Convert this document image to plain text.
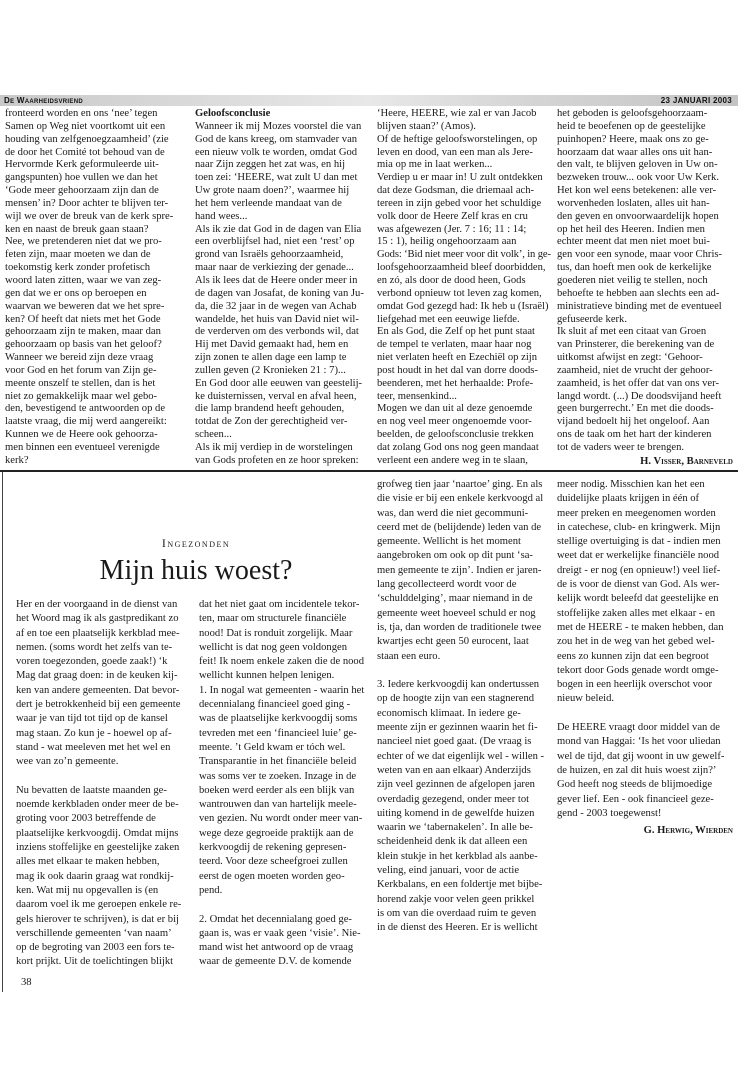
De Waarheidsvriend	23 JANUARI 2003
fronteerd worden en ons ‘nee’ tegen
Samen op Weg niet voortkomt uit een
houding van zelfgenoegzaamheid’ (zie
de door het Comité tot behoud van de
Hervormde Kerk geformuleerde uit-
gangspunten) hoe vullen we dan het
‘Gode meer gehoorzaam zijn dan de
mensen’ in? Door achter te blijven ter-
wijl we over de breuk van de kerk spre-
ken en naast de breuk gaan staan?
Nee, we pretenderen niet dat we pro-
feten zijn, maar moeten we dan de
toekomstig kerk zonder profetisch
woord laten zitten, waar we van zeg-
gen dat we er ons op beroepen en
waarvan we beweren dat we het spre-
ken? Of heeft dat niets met het Gode
gehoorzaam zijn te maken, maar dan
gehoorzaam op basis van het geloof?
Wanneer we bereid zijn deze vraag
voor God en het forum van Zijn ge-
meente onszelf te stellen, dan is het
niet zo gemakkelijk maar wel gebo-
den, bevestigend te antwoorden op de
laatste vraag, die mij werd aangereikt:
Kunnen we de Heere ook gehoorza-
men binnen een eventueel verenigde
kerk?
Geloofsconclusie
Wanneer ik mij Mozes voorstel die van
God de kans kreeg, om stamvader van
een nieuw volk te worden, omdat God
naar Zijn zeggen het zat was, en hij
toen zei: ‘HEERE, wat zult U dan met
Uw grote naam doen?’, waarmee hij
het hem verleende mandaat van de
hand wees...
Als ik zie dat God in de dagen van Elia
een overblijfsel had, niet een ‘rest’ op
grond van Israëls gehoorzaamheid,
maar naar de verkiezing der genade...
Als ik lees dat de Heere onder meer in
de dagen van Josafat, de koning van Ju-
da, die 32 jaar in de wegen van Achab
wandelde, het huis van David niet wil-
de verderven om des verbonds wil, dat
Hij met David gemaakt had, hem en
zijn zonen te allen dage een lamp te
zullen geven (2 Kronieken 21 : 7)...
En God door alle eeuwen van geestelij-
ke duisternissen, verval en afval heen,
die lamp brandend heeft gehouden,
totdat de Zon der gerechtigheid ver-
scheen...
Als ik mij verdiep in de worstelingen
van Gods profeten en ze hoor spreken:
‘Heere, HEERE, wie zal er van Jacob
blijven staan?’ (Amos).
Of de heftige geloofsworstelingen, op
leven en dood, van een man als Jere-
mia op me in laat werken...
Verdiep u er maar in! U zult ontdekken
dat deze Godsman, die driemaal ach-
tereen in zijn gebed voor het schuldige
volk door de Heere Zelf kras en cru
was afgewezen (Jer. 7 : 16; 11 : 14;
15 : 1), heilig ongehoorzaam aan
Gods: ‘Bid niet meer voor dit volk’, in ge-
loofsgehoorzaamheid bleef doorbidden,
en zó, als door de dood heen, Gods
verbond opnieuw tot leven zag komen,
omdat God gezegd had: Ik heb u (Israël)
liefgehad met een eeuwige liefde.
En als God, die Zelf op het punt staat
de tempel te verlaten, maar haar nog
niet verlaten heeft en Ezechiël op zijn
post houdt in het dal van dorre doods-
beenderen, met het herhaalde: Profe-
teer, mensenkind...
Mogen we dan uit al deze genoemde
en nog veel meer ongenoemde voor-
beelden, de geloofsconclusie trekken
dat zolang God ons nog geen mandaat
verleent een andere weg in te slaan,
het geboden is geloofsgehoorzaam-
heid te beoefenen op de geestelijke
puinhopen? Heere, maak ons zo ge-
hoorzaam dat waar alles ons uit han-
den valt, te blijven geloven in Uw on-
bezweken trouw... ook voor Uw Kerk.
Het kon wel eens betekenen: alle ver-
worvenheden loslaten, alles uit han-
den geven en onvoorwaardelijk hopen
op het heil des Heeren. Indien men
echter meent dat men niet moet bui-
gen voor een synode, maar voor Chris-
tus, dan hoeft men ook de kerkelijke
goederen niet veilig te stellen, noch
behoefte te hebben aan slechts een ad-
ministratieve binding met de eventueel
gefuseerde kerk.
Ik sluit af met een citaat van Groen
van Prinsterer, die berekening van de
uitkomst afwijst en zegt: ‘Gehoor-
zaamheid, niet de vrucht der gehoor-
zaamheid, is het offer dat van ons ver-
langd wordt. (...) De doodsvijand heeft
geen burgerrecht.’ En met die doods-
vijand bedoelt hij het ongeloof. Aan
ons de taak om het hart der kinderen
tot de vaders weer te brengen.
H. Visser, Barneveld
Ingezonden
Mijn huis woest?
Her en der voorgaand in de dienst van
het Woord mag ik als gastpredikant zo
af en toe een plaatselijk kerkblad mee-
nemen. (soms wordt het zelfs van te-
voren toegezonden, goede zaak!) ‘k
Mag dat graag doen: in de keuken kij-
ken van andere gemeenten. Dat bevor-
dert je betrokkenheid bij een gemeente
waar je van tijd tot tijd op de kansel
mag staan. Zo kun je - hoewel op af-
stand - wat meeleven met het wel en
wee van zo’n gemeente.

Nu bevatten de laatste maanden ge-
noemde kerkbladen onder meer de be-
groting voor 2003 betreffende de
plaatselijke kerkvoogdij. Omdat mijns
inziens stoffelijke en geestelijke zaken
alles met elkaar te maken hebben,
mag ik ook daarin graag wat rondkij-
ken. Wat mij nu opgevallen is (en
daarom voel ik me geroepen enkele re-
gels hierover te schrijven), is dat er bij
verschillende gemeenten ‘van naam’
op de begroting van 2003 een fors te-
kort prijkt. Uit de toelichtingen blijkt
dat het niet gaat om incidentele tekor-
ten, maar om structurele financiële
nood! Dat is ronduit zorgelijk. Maar
wellicht is dat nog geen voldongen
feit! Ik noem enkele zaken die de nood
wellicht kunnen helpen lenigen.
1. In nogal wat gemeenten - waarin het
decennialang financieel goed ging -
was de plaatselijke kerkvoogdij soms
tevreden met een ‘financieel luie’ ge-
meente. ’t Geld kwam er tóch wel.
Transparantie in het financiële beleid
was soms ver te zoeken. Inzage in de
boeken werd eerder als een blijk van
wantrouwen dan van hartelijk meele-
ven gezien. Nu wordt onder meer van-
wege deze gegroeide praktijk aan de
kerkvoogdij de rekening gepresen-
teerd. Voor deze scheefgroei zullen
eerst de ogen moeten worden geo-
pend.

2. Omdat het decennialang goed ge-
gaan is, was er vaak geen ‘visie’. Nie-
mand wist het antwoord op de vraag
waar de gemeente D.V. de komende
grofweg tien jaar ‘naartoe’ ging. En als
die visie er bij een enkele kerkvoogd al
was, dan werd die niet gecommuni-
ceerd met de (belijdende) leden van de
gemeente. Wellicht is het moment
aangebroken om ook op dit punt ‘sa-
men gemeente te zijn’. Indien er jaren-
lang gecollecteerd wordt voor de
‘schulddelging’, maar niemand in de
gemeente weet hoeveel schuld er nog
is, tja, dan worden de traditionele twee
kwartjes echt geen 50 eurocent, laat
staan een euro.

3. Iedere kerkvoogdij kan ondertussen
op de hoogte zijn van een stagnerend
economisch klimaat. In iedere ge-
meente zijn er gezinnen waarin het fi-
nancieel niet goed gaat. (De vraag is
echter of we dat eigenlijk wel - willen -
weten van en aan elkaar) Anderzijds
zijn veel gezinnen de afgelopen jaren
overdadig gezegend, onder meer tot
uiting komend in de gewelfde huizen
waarin we ‘tabernakelen’. In alle be-
scheidenheid denk ik dat alleen een
klein stukje in het kerkblad als aanbe-
veling, eind januari, voor de actie
Kerkbalans, en een foldertje met bijbe-
horend zakje voor velen geen prikkel
is om van die overdaad ruim te geven
in de dienst des Heeren. Er is wellicht
meer nodig. Misschien kan het een
duidelijke plaats krijgen in één of
meer preken en meegenomen worden
in catechese, club- en kringwerk. Mijn
stellige overtuiging is dat - indien men
weet dat er werkelijke financiële nood
dreigt - er nog (en opnieuw!) veel lief-
de is voor de dienst van God. Als wer-
kelijk wordt beleefd dat geestelijke en
stoffelijke zaken alles met elkaar - en
met de HEERE - te maken hebben, dan
zou het in de weg van het gebed wel-
eens zo kunnen zijn dat een begroot
tekort door Gods genade wordt omge-
bogen in een heerlijk overschot voor
nieuw beleid.

De HEERE vraagt door middel van de
mond van Haggai: ‘Is het voor uliedan
wel de tijd, dat gij woont in uw gewelf-
de huizen, en zal dit huis woest zijn?’
God heeft nog steeds de blijmoedige
gever lief. Een - ook financieel geze-
gend - 2003 toegewenst!
G. Herwig, Wierden
38
